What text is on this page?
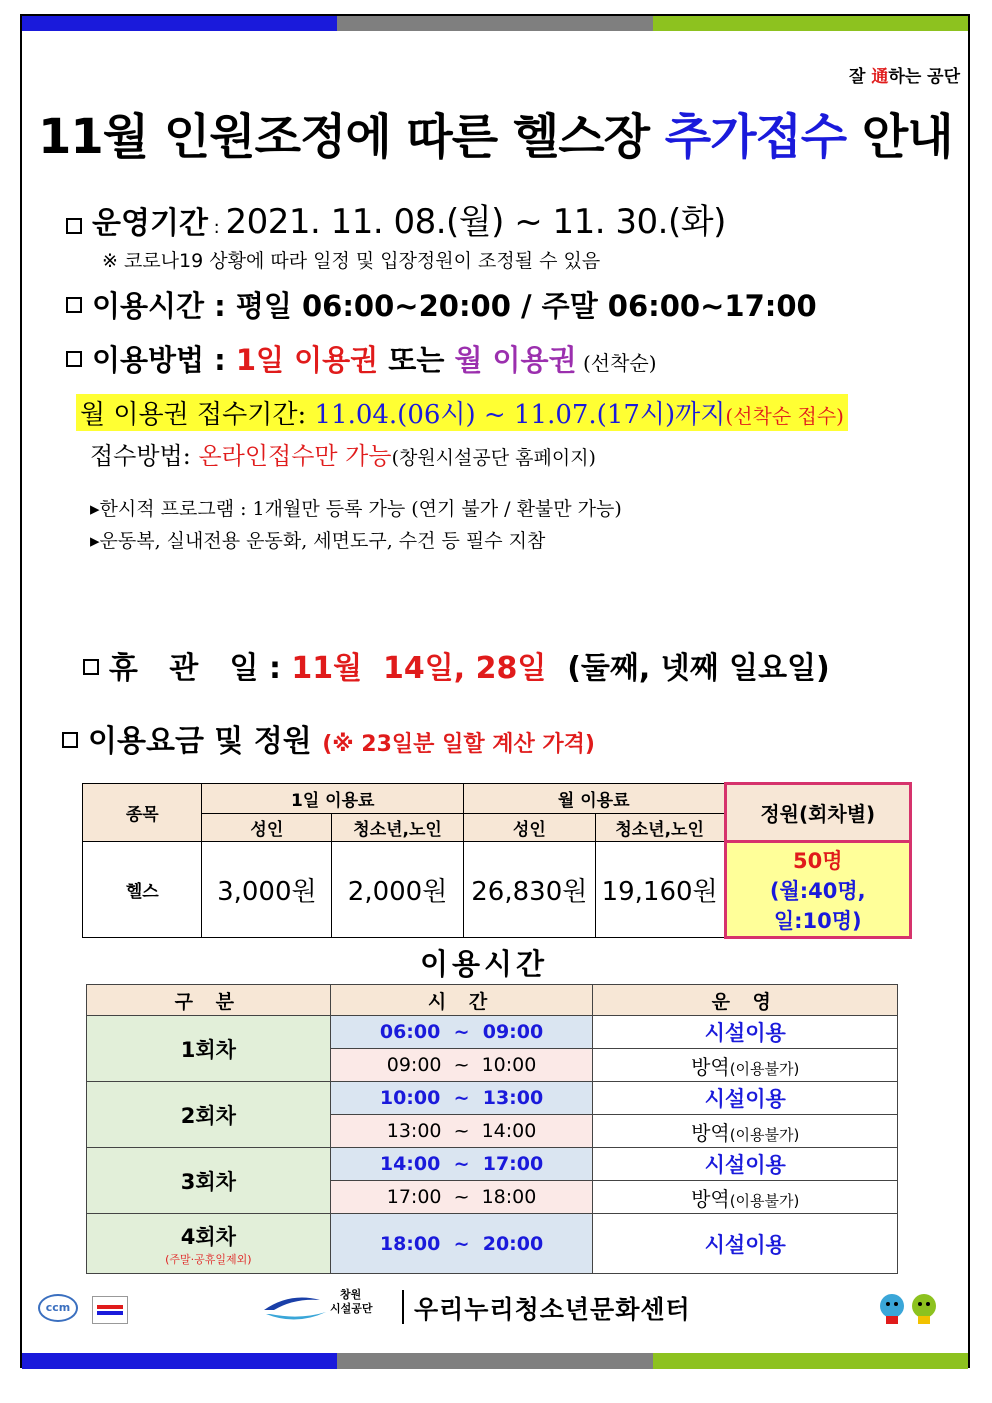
잘 通하는 공단
11월 인원조정에 따른 헬스장 추가접수 안내
운영기간 : 2021. 11. 08.(월) ~ 11. 30.(화)
※ 코로나19 상황에 따라 일정 및 입장정원이 조정될 수 있음
이용시간 : 평일 06:00~20:00 / 주말 06:00~17:00
이용방법 : 1일 이용권 또는 월 이용권 (선착순)
월 이용권 접수기간: 11.04.(06시) ~ 11.07.(17시)까지(선착순 접수)
접수방법: 온라인접수만 가능(창원시설공단 홈페이지)
▸한시적 프로그램 : 1개월만 등록 가능 (연기 불가 / 환불만 가능)
▸운동복, 실내전용 운동화, 세면도구, 수건 등 필수 지참

휴   관   일 : 11월  14일, 28일  (둘째, 넷째 일요일)

이용요금 및 정원 (※ 23일분 일할 계산 가격)
종목	1일 이용료		월 이용료		정원(회차별)
	성인	청소년,노인	성인	청소년,노인	
헬스	3,000원	2,000원	26,830원	19,160원	50명
(월:40명,
일:10명)
이용시간
구 분	시 간	운 영
1회차	06:00  ~  09:00	시설이용
	09:00  ~  10:00	방역(이용불가)
2회차	10:00  ~  13:00	시설이용
	13:00  ~  14:00	방역(이용불가)
3회차	14:00  ~  17:00	시설이용
	17:00  ~  18:00	방역(이용불가)

4회차
(주말·공휴일제외)	18:00  ~  20:00	시설이용
ccm
창원
시설공단 우리누리청소년문화센터
